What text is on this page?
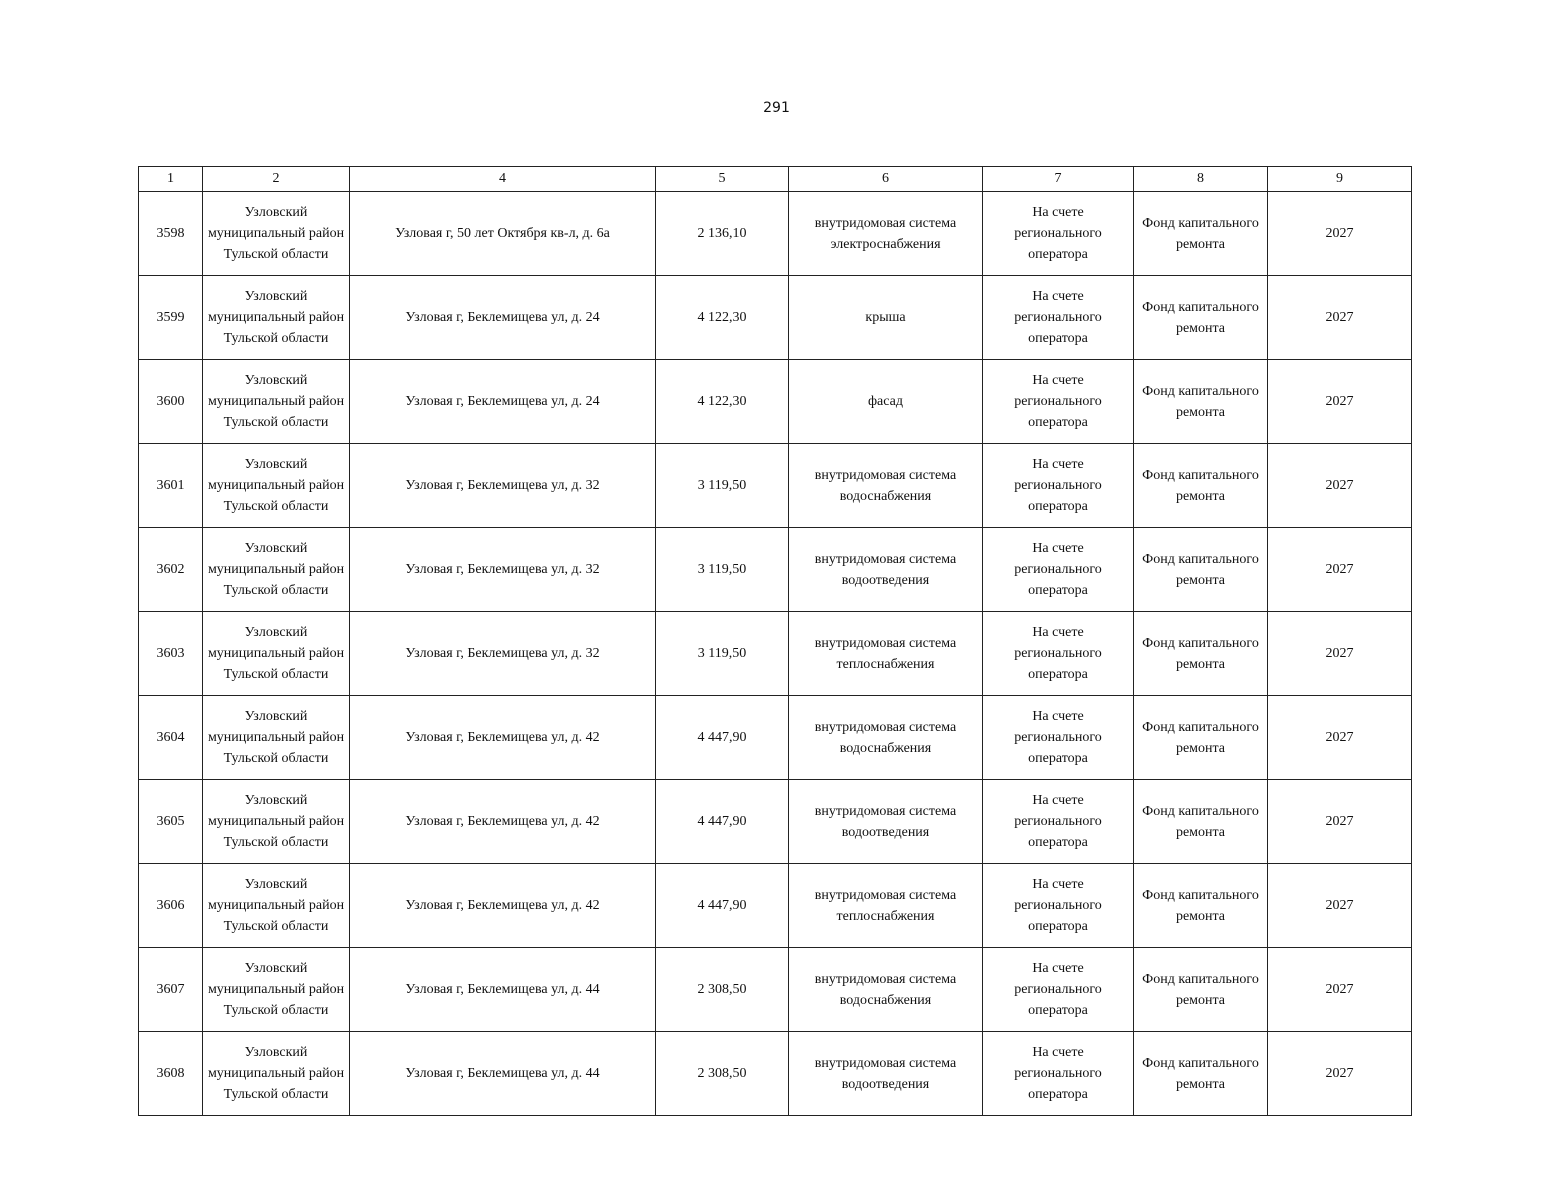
291
1	2	4	5	6	7	8	9
3598	Узловский муниципальный район Тульской области	Узловая г, 50 лет Октября кв-л, д. 6а	2 136,10	внутридомовая система электроснабжения	На счете регионального оператора	Фонд капитального ремонта	2027
3599	Узловский муниципальный район Тульской области	Узловая г, Беклемищева ул, д. 24	4 122,30	крыша	На счете регионального оператора	Фонд капитального ремонта	2027
3600	Узловский муниципальный район Тульской области	Узловая г, Беклемищева ул, д. 24	4 122,30	фасад	На счете регионального оператора	Фонд капитального ремонта	2027
3601	Узловский муниципальный район Тульской области	Узловая г, Беклемищева ул, д. 32	3 119,50	внутридомовая система водоснабжения	На счете регионального оператора	Фонд капитального ремонта	2027
3602	Узловский муниципальный район Тульской области	Узловая г, Беклемищева ул, д. 32	3 119,50	внутридомовая система водоотведения	На счете регионального оператора	Фонд капитального ремонта	2027
3603	Узловский муниципальный район Тульской области	Узловая г, Беклемищева ул, д. 32	3 119,50	внутридомовая система теплоснабжения	На счете регионального оператора	Фонд капитального ремонта	2027
3604	Узловский муниципальный район Тульской области	Узловая г, Беклемищева ул, д. 42	4 447,90	внутридомовая система водоснабжения	На счете регионального оператора	Фонд капитального ремонта	2027
3605	Узловский муниципальный район Тульской области	Узловая г, Беклемищева ул, д. 42	4 447,90	внутридомовая система водоотведения	На счете регионального оператора	Фонд капитального ремонта	2027
3606	Узловский муниципальный район Тульской области	Узловая г, Беклемищева ул, д. 42	4 447,90	внутридомовая система теплоснабжения	На счете регионального оператора	Фонд капитального ремонта	2027
3607	Узловский муниципальный район Тульской области	Узловая г, Беклемищева ул, д. 44	2 308,50	внутридомовая система водоснабжения	На счете регионального оператора	Фонд капитального ремонта	2027
3608	Узловский муниципальный район Тульской области	Узловая г, Беклемищева ул, д. 44	2 308,50	внутридомовая система водоотведения	На счете регионального оператора	Фонд капитального ремонта	2027
